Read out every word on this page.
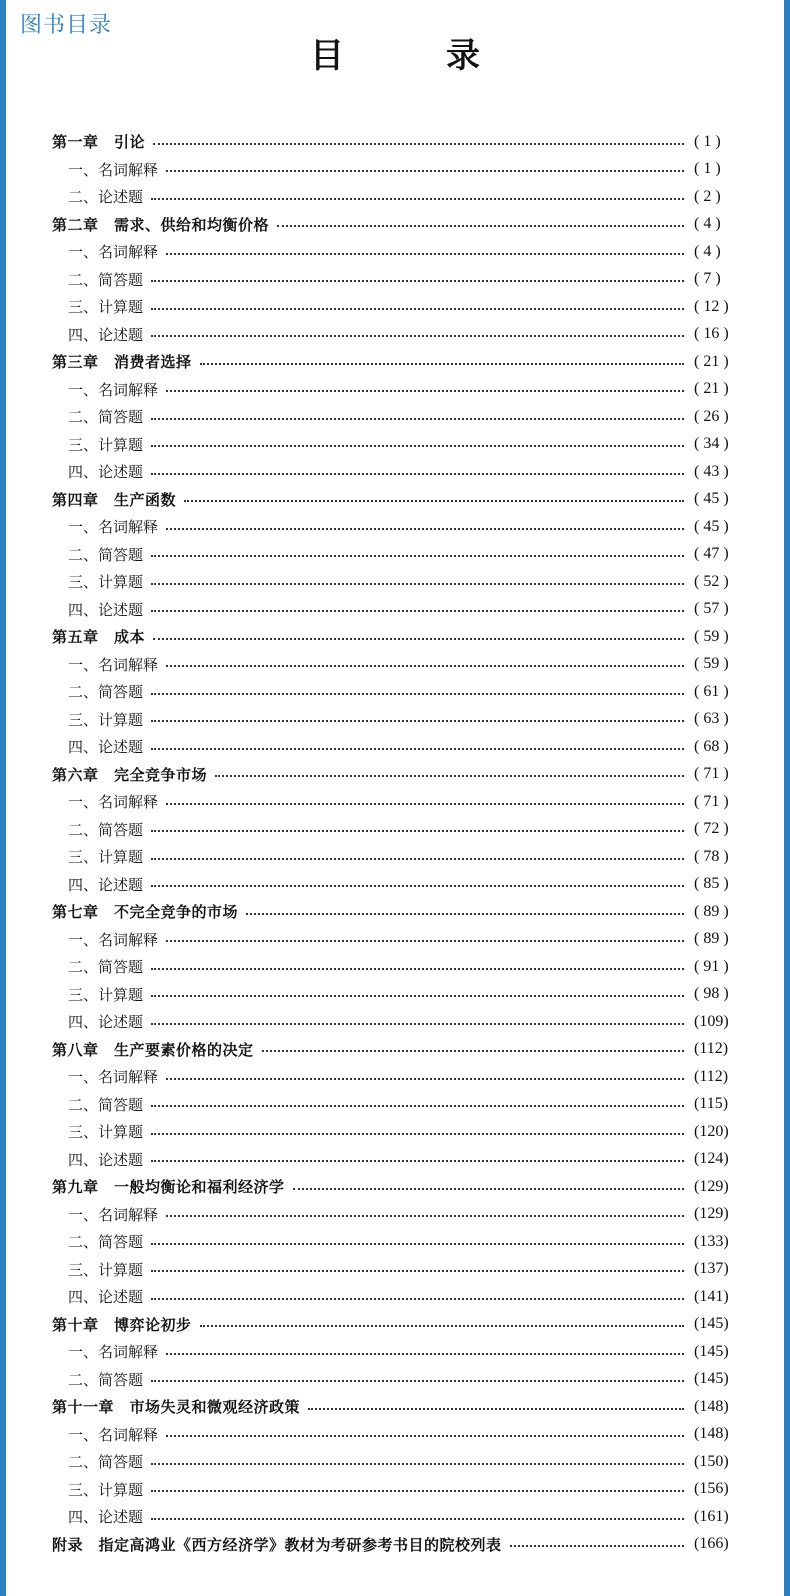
图书目录
目　录
第一章　引论	( 1 )
一、名词解释	( 1 )
二、论述题	( 2 )
第二章　需求、供给和均衡价格	( 4 )
一、名词解释	( 4 )
二、简答题	( 7 )
三、计算题	( 12 )
四、论述题	( 16 )
第三章　消费者选择	( 21 )
一、名词解释	( 21 )
二、简答题	( 26 )
三、计算题	( 34 )
四、论述题	( 43 )
第四章　生产函数	( 45 )
一、名词解释	( 45 )
二、简答题	( 47 )
三、计算题	( 52 )
四、论述题	( 57 )
第五章　成本	( 59 )
一、名词解释	( 59 )
二、简答题	( 61 )
三、计算题	( 63 )
四、论述题	( 68 )
第六章　完全竞争市场	( 71 )
一、名词解释	( 71 )
二、简答题	( 72 )
三、计算题	( 78 )
四、论述题	( 85 )
第七章　不完全竞争的市场	( 89 )
一、名词解释	( 89 )
二、简答题	( 91 )
三、计算题	( 98 )
四、论述题	(109)
第八章　生产要素价格的决定	(112)
一、名词解释	(112)
二、简答题	(115)
三、计算题	(120)
四、论述题	(124)
第九章　一般均衡论和福利经济学	(129)
一、名词解释	(129)
二、简答题	(133)
三、计算题	(137)
四、论述题	(141)
第十章　博弈论初步	(145)
一、名词解释	(145)
二、简答题	(145)
第十一章　市场失灵和微观经济政策	(148)
一、名词解释	(148)
二、简答题	(150)
三、计算题	(156)
四、论述题	(161)
附录　指定高鸿业《西方经济学》教材为考研参考书目的院校列表	(166)
